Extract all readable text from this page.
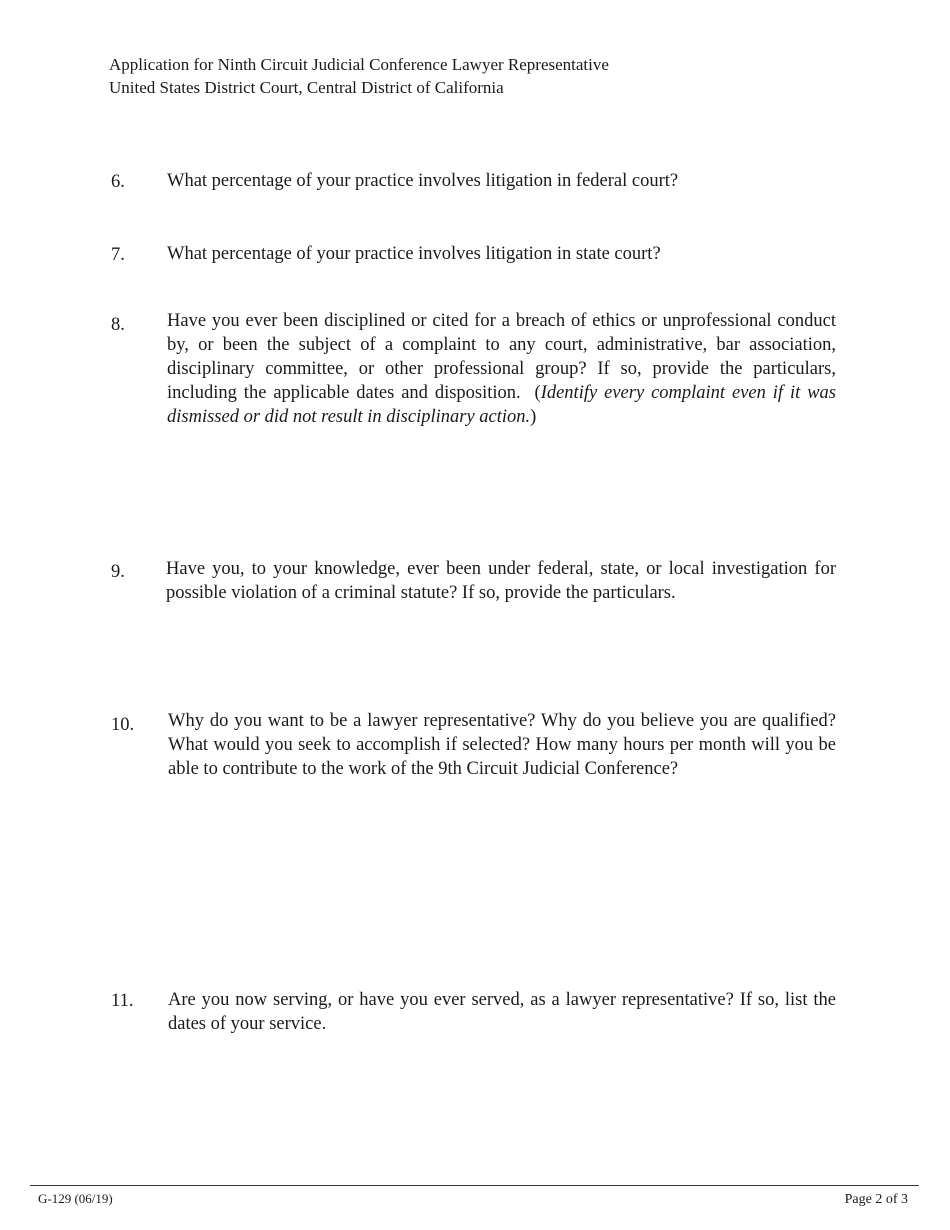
Application for Ninth Circuit Judicial Conference Lawyer Representative
United States District Court, Central District of California
6. What percentage of your practice involves litigation in federal court?
7. What percentage of your practice involves litigation in state court?
8. Have you ever been disciplined or cited for a breach of ethics or unprofessional conduct by, or been the subject of a complaint to any court, administrative, bar association, disciplinary committee, or other professional group? If so, provide the particulars, including the applicable dates and disposition. (Identify every complaint even if it was dismissed or did not result in disciplinary action.)
9. Have you, to your knowledge, ever been under federal, state, or local investigation for possible violation of a criminal statute? If so, provide the particulars.
10. Why do you want to be a lawyer representative? Why do you believe you are qualified? What would you seek to accomplish if selected? How many hours per month will you be able to contribute to the work of the 9th Circuit Judicial Conference?
11. Are you now serving, or have you ever served, as a lawyer representative? If so, list the dates of your service.
G-129 (06/19)	Page 2 of 3
